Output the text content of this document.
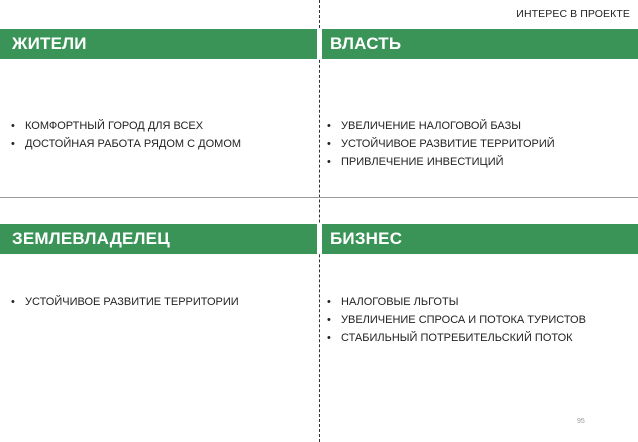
ИНТЕРЕС В ПРОЕКТЕ
ЖИТЕЛИ	ВЛАСТЬ
• КОМФОРТНЫЙ ГОРОД ДЛЯ ВСЕХ
• ДОСТОЙНАЯ РАБОТА РЯДОМ С ДОМОМ
• УВЕЛИЧЕНИЕ НАЛОГОВОЙ БАЗЫ
• УСТОЙЧИВОЕ РАЗВИТИЕ ТЕРРИТОРИЙ
• ПРИВЛЕЧЕНИЕ ИНВЕСТИЦИЙ
ЗЕМЛЕВЛАДЕЛЕЦ	БИЗНЕС
• УСТОЙЧИВОЕ РАЗВИТИЕ ТЕРРИТОРИИ
•	НАЛОГОВЫЕ ЛЬГОТЫ
• УВЕЛИЧЕНИЕ СПРОСА И ПОТОКА ТУРИСТОВ
• СТАБИЛЬНЫЙ ПОТРЕБИТЕЛЬСКИЙ ПОТОК
95
